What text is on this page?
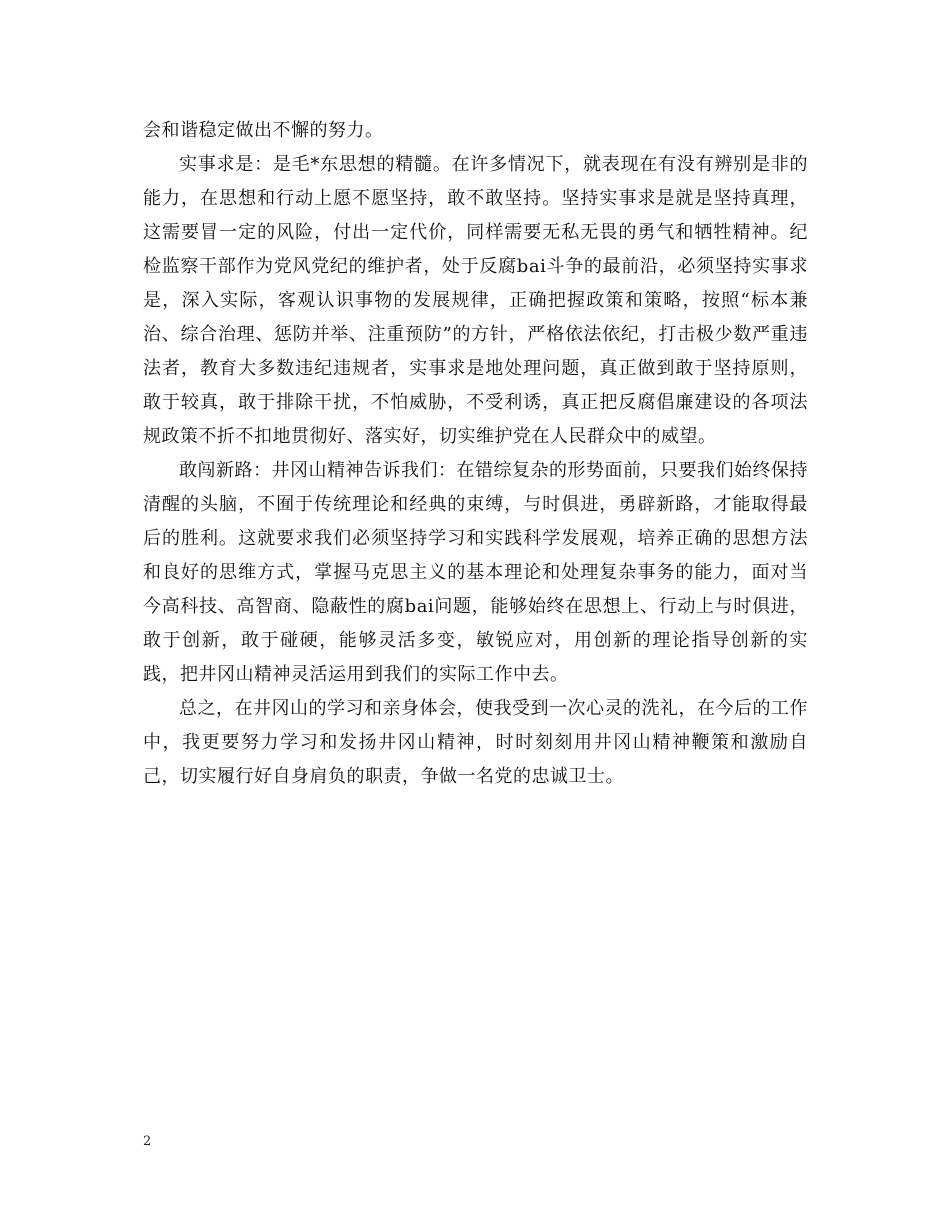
会和谐稳定做出不懈的努力。

实事求是：是毛*东思想的精髓。在许多情况下，就表现在有没有辨别是非的能力，在思想和行动上愿不愿坚持，敢不敢坚持。坚持实事求是就是坚持真理，这需要冒一定的风险，付出一定代价，同样需要无私无畏的勇气和牺牲精神。纪检监察干部作为党风党纪的维护者，处于反腐bai斗争的最前沿，必须坚持实事求是，深入实际，客观认识事物的发展规律，正确把握政策和策略，按照“标本兼治、综合治理、惩防并举、注重预防”的方针，严格依法依纪，打击极少数严重违法者，教育大多数违纪违规者，实事求是地处理问题，真正做到敢于坚持原则，敢于较真，敢于排除干扰，不怕威胁，不受利诱，真正把反腐倡廉建设的各项法规政策不折不扣地贯彻好、落实好，切实维护党在人民群众中的威望。

敢闯新路：井冈山精神告诉我们：在错综复杂的形势面前，只要我们始终保持清醒的头脑，不囿于传统理论和经典的束缚，与时俱进，勇辟新路，才能取得最后的胜利。这就要求我们必须坚持学习和实践科学发展观，培养正确的思想方法和良好的思维方式，掌握马克思主义的基本理论和处理复杂事务的能力，面对当今高科技、高智商、隐蔽性的腐bai问题，能够始终在思想上、行动上与时俱进，敢于创新，敢于碰硬，能够灵活多变，敏锐应对，用创新的理论指导创新的实践，把井冈山精神灵活运用到我们的实际工作中去。

总之，在井冈山的学习和亲身体会，使我受到一次心灵的洗礼，在今后的工作中，我更要努力学习和发扬井冈山精神，时时刻刻用井冈山精神鞭策和激励自己，切实履行好自身肩负的职责，争做一名党的忠诚卫士。

2
